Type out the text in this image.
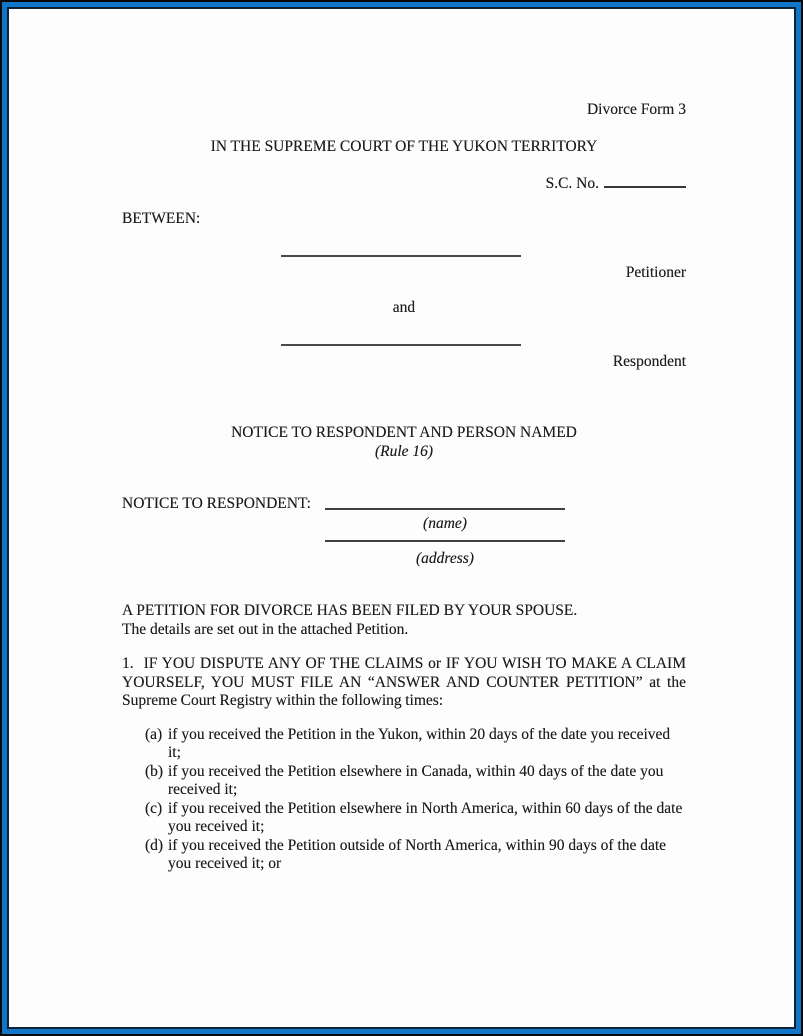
Divorce Form 3
IN THE SUPREME COURT OF THE YUKON TERRITORY
S.C. No.
BETWEEN:
Petitioner
and
Respondent
NOTICE TO RESPONDENT AND PERSON NAMED
(Rule 16)
NOTICE TO RESPONDENT:
(name)
(address)
A PETITION FOR DIVORCE HAS BEEN FILED BY YOUR SPOUSE.
The details are set out in the attached Petition.

1. IF YOU DISPUTE ANY OF THE CLAIMS or IF YOU WISH TO MAKE A CLAIM YOURSELF, YOU MUST FILE AN “ANSWER AND COUNTER PETITION” at the Supreme Court Registry within the following times:

(a) if you received the Petition in the Yukon, within 20 days of the date you received it;
(b) if you received the Petition elsewhere in Canada, within 40 days of the date you received it;
(c) if you received the Petition elsewhere in North America, within 60 days of the date you received it;
(d) if you received the Petition outside of North America, within 90 days of the date you received it; or
